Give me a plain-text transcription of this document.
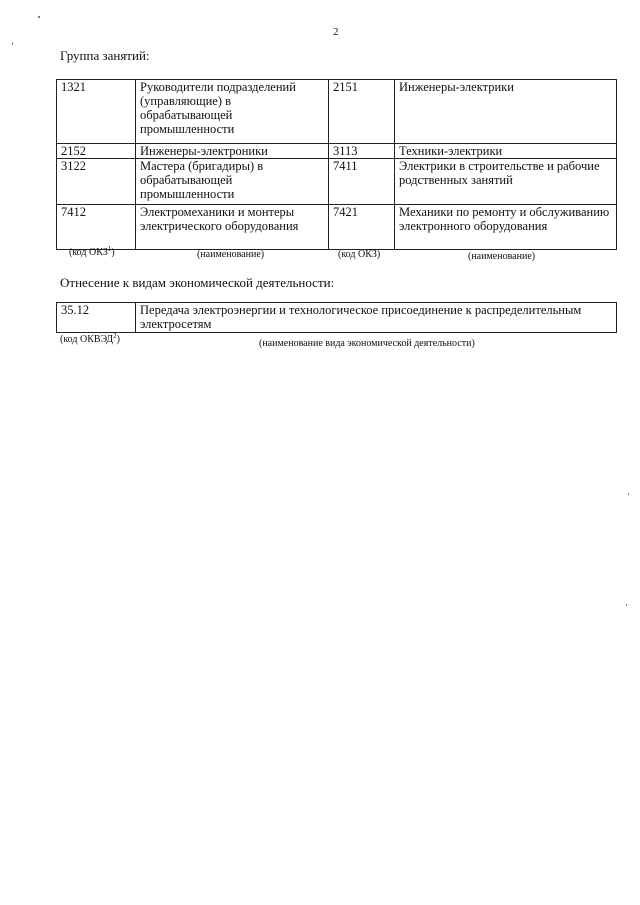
2
Группа занятий:
1321	Руководители подразделений (управляющие) в обрабатывающей промышленности	2151	Инженеры-электрики
2152	Инженеры-электроники	3113	Техники-электрики
3122	Мастера (бригадиры) в обрабатывающей промышленности	7411	Электрики в строительстве и рабочие родственных занятий
7412	Электромеханики и монтеры электрического оборудования	7421	Механики по ремонту и обслуживанию электронного оборудования
(код ОКЗ$^1$)	(наименование)	(код ОКЗ)	(наименование)
Отнесение к видам экономической деятельности:
35.12	Передача электроэнергии и технологическое присоединение к распределительным электросетям
(код ОКВЭД$^2$)	(наименование вида экономической деятельности)
